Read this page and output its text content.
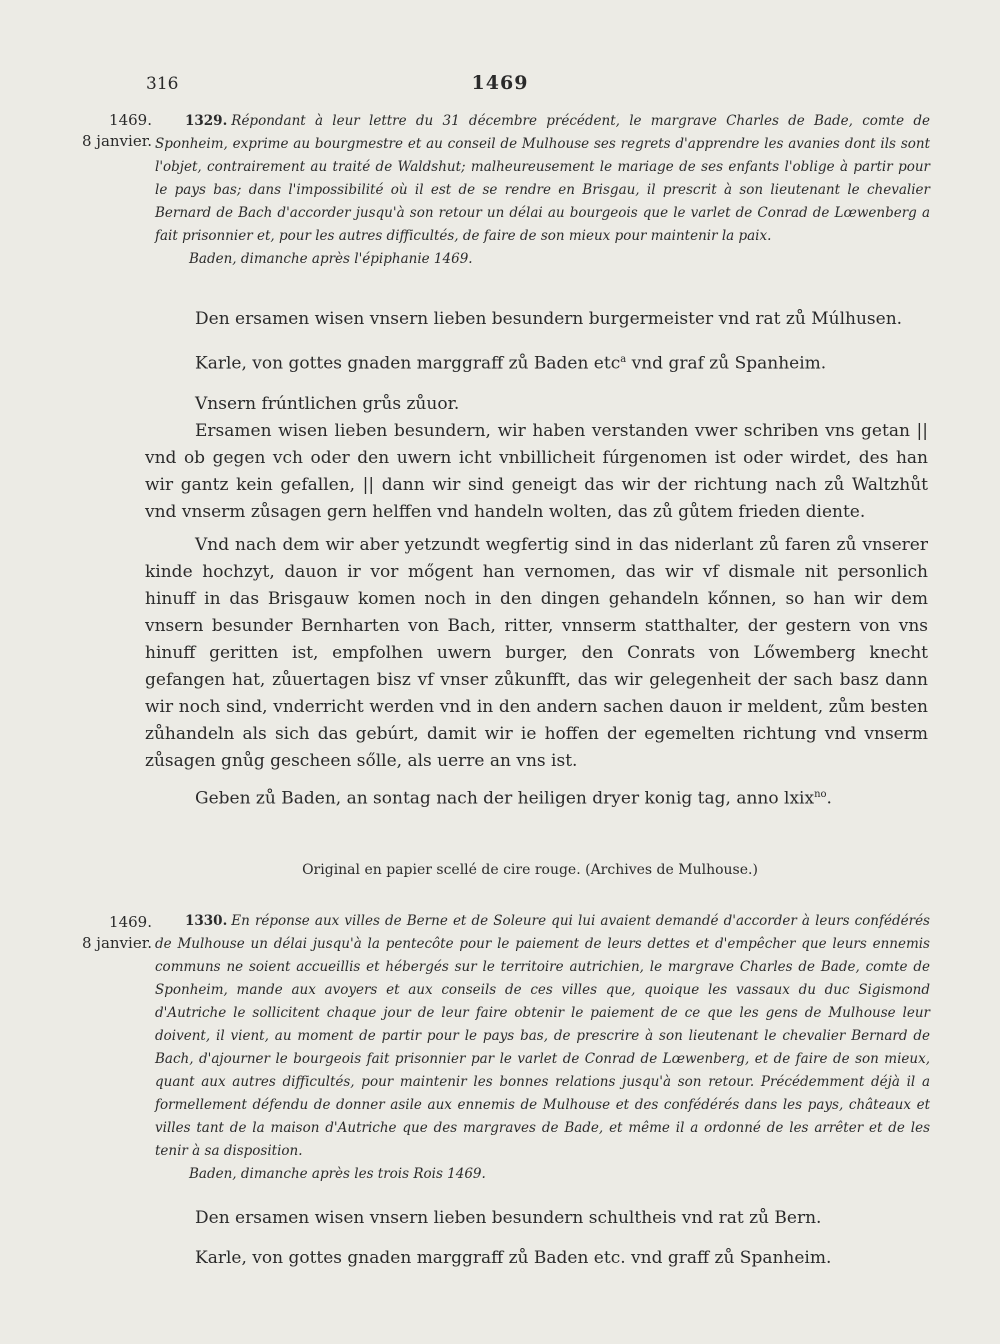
316	1469
1469.
8 janvier.
1329. Répondant à leur lettre du 31 décembre précédent, le margrave Charles de Bade, comte de Sponheim, exprime au bourgmestre et au conseil de Mulhouse ses regrets d'apprendre les avanies dont ils sont l'objet, contrairement au traité de Waldshut; malheureusement le mariage de ses enfants l'oblige à partir pour le pays bas; dans l'impossibilité où il est de se rendre en Brisgau, il prescrit à son lieutenant le chevalier Bernard de Bach d'accorder jusqu'à son retour un délai au bourgeois que le varlet de Conrad de Lœwenberg a fait prisonnier et, pour les autres difficultés, de faire de son mieux pour maintenir la paix.
Baden, dimanche après l'épiphanie 1469.

Den ersamen wisen vnsern lieben besundern burgermeister vnd rat zů Múlhusen.

Karle, von gottes gnaden marggraff zů Baden etc$^a$ vnd graf zů Spanheim.

Vnsern frúntlichen grůs zůuor.

Ersamen wisen lieben besundern, wir haben verstanden vwer schriben vns getan || vnd ob gegen vch oder den uwern icht vnbillicheit fúrgenomen ist oder wirdet, des han wir gantz kein gefallen, || dann wir sind geneigt das wir der richtung nach zů Waltzhůt vnd vnserm zůsagen gern helffen vnd handeln wolten, das zů gůtem frieden diente.

Vnd nach dem wir aber yetzundt wegfertig sind in das niderlant zů faren zů vnserer kinde hochzyt, dauon ir vor mőgent han vernomen, das wir vf dismale nit personlich hinuff in das Brisgauw komen noch in den dingen gehandeln kőnnen, so han wir dem vnsern besunder Bernharten von Bach, ritter, vnnserm statthalter, der gestern von vns hinuff geritten ist, empfolhen uwern burger, den Conrats von Lőwemberg knecht gefangen hat, zůuertagen bisz vf vnser zůkunfft, das wir gelegenheit der sach basz dann wir noch sind, vnderricht werden vnd in den andern sachen dauon ir meldent, zům besten zůhandeln als sich das gebúrt, damit wir ie hoffen der egemelten richtung vnd vnserm zůsagen gnůg gescheen sőlle, als uerre an vns ist.

Geben zů Baden, an sontag nach der heiligen dryer konig tag, anno lxix$^{no}$.

Original en papier scellé de cire rouge. (Archives de Mulhouse.)
1469.
8 janvier.
1330. En réponse aux villes de Berne et de Soleure qui lui avaient demandé d'accorder à leurs confédérés de Mulhouse un délai jusqu'à la pentecôte pour le paiement de leurs dettes et d'empêcher que leurs ennemis communs ne soient accueillis et hébergés sur le territoire autrichien, le margrave Charles de Bade, comte de Sponheim, mande aux avoyers et aux conseils de ces villes que, quoique les vassaux du duc Sigismond d'Autriche le sollicitent chaque jour de leur faire obtenir le paiement de ce que les gens de Mulhouse leur doivent, il vient, au moment de partir pour le pays bas, de prescrire à son lieutenant le chevalier Bernard de Bach, d'ajourner le bourgeois fait prisonnier par le varlet de Conrad de Lœwenberg, et de faire de son mieux, quant aux autres difficultés, pour maintenir les bonnes relations jusqu'à son retour. Précédemment déjà il a formellement défendu de donner asile aux ennemis de Mulhouse et des confédérés dans les pays, châteaux et villes tant de la maison d'Autriche que des margraves de Bade, et même il a ordonné de les arrêter et de les tenir à sa disposition.
Baden, dimanche après les trois Rois 1469.

Den ersamen wisen vnsern lieben besundern schultheis vnd rat zů Bern.

Karle, von gottes gnaden marggraff zů Baden etc. vnd graff zů Spanheim.
